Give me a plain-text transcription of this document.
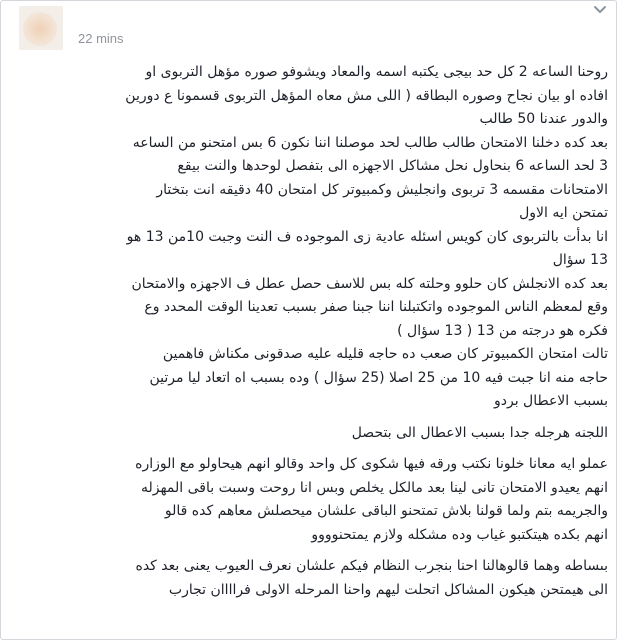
22 mins

روحنا الساعه 2 كل حد بيجى يكتبه اسمه والمعاد ويشوفو صوره مؤهل التربوى او
افاده او بيان نجاح وصوره البطاقه ( اللى مش معاه المؤهل التربوى قسمونا ع دورين
والدور عندنا 50 طالب
بعد كده دخلنا الامتحان طالب طالب لحد موصلنا اننا نكون 6 بس امتحنو من الساعه
3 لحد الساعه 6 بنحاول نحل مشاكل الاجهزه الى بتفصل لوحدها والنت بيقع
الامتحانات مقسمه 3 تربوى وانجليش وكمبيوتر كل امتحان 40 دقيقه انت بتختار
تمتحن ايه الاول
انا بدأت بالتربوى كان كويس اسئله عادية زى الموجوده ف النت وجبت 10من 13 هو
13 سؤال
بعد كده الانجلش كان حلوو وحلته كله بس للاسف حصل عطل ف الاجهزه والامتحان
وقع لمعظم الناس الموجوده واتكتبلنا اننا جبنا صفر بسبب تعدينا الوقت المحدد وع
فكره هو درجته من 13 ( 13 سؤال )
تالت امتحان الكمبيوتر كان صعب ده حاجه قليله عليه صدقونى مكناش فاهمين
حاجه منه انا جبت فيه 10 من 25 اصلا (25 سؤال ) وده بسبب اه اتعاد ليا مرتين
بسبب الاعطال بردو

اللجنه هرجله جدا بسبب الاعطال الى بتحصل

عملو ايه معانا خلونا نكتب ورقه فيها شكوى كل واحد وقالو انهم هيحاولو مع الوزاره
انهم يعيدو الامتحان تانى لينا بعد مالكل يخلص وبس انا روحت وسبت باقى المهزله
والجريمه بتم ولما قولنا بلاش تمتحنو الباقى علشان ميحصلش معاهم كده قالو
انهم بكده هيتكتبو غياب وده مشكله ولازم يمتحنوووو

بىساطه وهما قالوهالنا احنا بنجرب النظام فيكم علشان نعرف العيوب يعنى بعد كده
الى هيمتحن هيكون المشاكل اتحلت ليهم واحنا المرحله الاولى فراااان تجارب
